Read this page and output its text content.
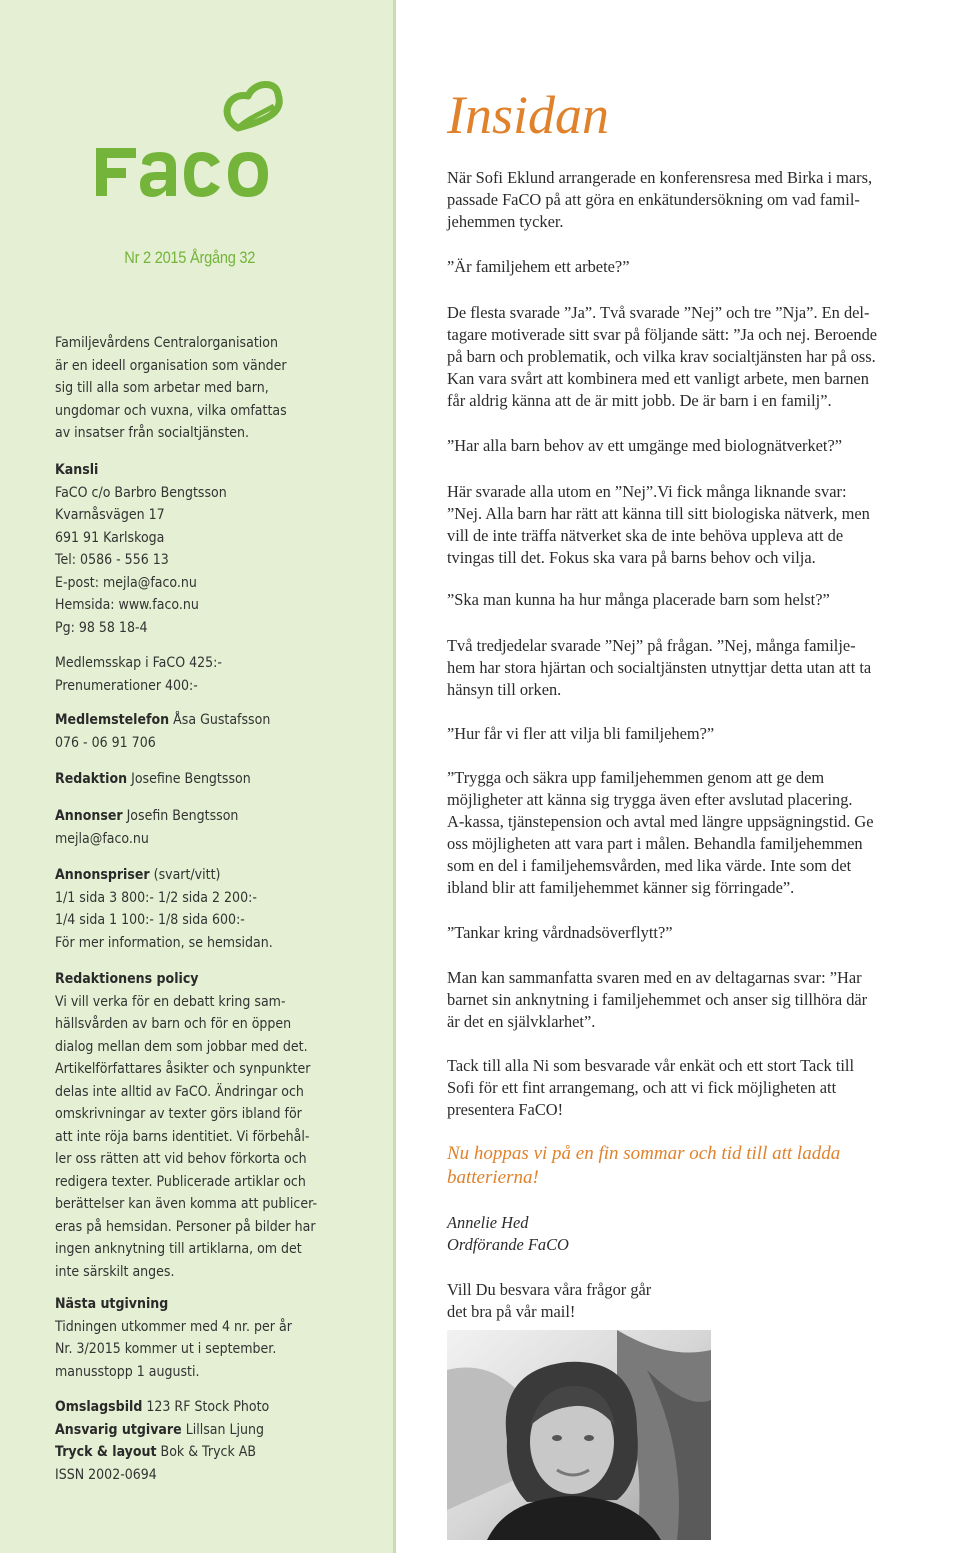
Nr 2 2015 Årgång 32
Familjevårdens Centralorganisation
är en ideell organisation som vänder
sig till alla som arbetar med barn,
ungdomar och vuxna, vilka omfattas
av insatser från socialtjänsten.
Kansli
FaCO c/o Barbro Bengtsson
Kvarnåsvägen 17
691 91 Karlskoga
Tel: 0586 - 556 13
E-post: mejla@faco.nu
Hemsida: www.faco.nu
Pg: 98 58 18-4
Medlemsskap i FaCO 425:-
Prenumerationer 400:-
Medlemstelefon Åsa Gustafsson
076 - 06 91 706
Redaktion Josefine Bengtsson
Annonser Josefin Bengtsson
mejla@faco.nu
Annonspriser (svart/vitt)
1/1 sida 3 800:- 1/2 sida 2 200:-
1/4 sida 1 100:- 1/8 sida 600:-
För mer information, se hemsidan.
Redaktionens policy
Vi vill verka för en debatt kring sam-
hällsvården av barn och för en öppen
dialog mellan dem som jobbar med det.
Artikelförfattares åsikter och synpunkter
delas inte alltid av FaCO. Ändringar och
omskrivningar av texter görs ibland för
att inte röja barns identitiet. Vi förbehål-
ler oss rätten att vid behov förkorta och
redigera texter. Publicerade artiklar och
berättelser kan även komma att publicer-
eras på hemsidan. Personer på bilder har
ingen anknytning till artiklarna, om det
inte särskilt anges.
Nästa utgivning
Tidningen utkommer med 4 nr. per år
Nr. 3/2015 kommer ut i september.
manusstopp 1 augusti.
Omslagsbild 123 RF Stock Photo
Ansvarig utgivare Lillsan Ljung
Tryck & layout Bok & Tryck AB
ISSN 2002-0694
Insidan
När Sofi Eklund arrangerade en konferensresa med Birka i mars,
passade FaCO på att göra en enkätundersökning om vad famil-
jehemmen tycker.
”Är familjehem ett arbete?”
De flesta svarade ”Ja”. Två svarade ”Nej” och tre ”Nja”. En del-
tagare motiverade sitt svar på följande sätt: ”Ja och nej. Beroende
på barn och problematik, och vilka krav socialtjänsten har på oss.
Kan vara svårt att kombinera med ett vanligt arbete, men barnen
får aldrig känna att de är mitt jobb. De är barn i en familj”.
”Har alla barn behov av ett umgänge med biolognätverket?”
Här svarade alla utom en ”Nej”.Vi fick många liknande svar:
”Nej. Alla barn har rätt att känna till sitt biologiska nätverk, men
vill de inte träffa nätverket ska de inte behöva uppleva att de
tvingas till det. Fokus ska vara på barns behov och vilja.
”Ska man kunna ha hur många placerade barn som helst?”
Två tredjedelar svarade ”Nej” på frågan. ”Nej, många familje-
hem har stora hjärtan och socialtjänsten utnyttjar detta utan att ta
hänsyn till orken.
”Hur får vi fler att vilja bli familjehem?”
”Trygga och säkra upp familjehemmen genom att ge dem
möjligheter att känna sig trygga även efter avslutad placering.
A-kassa, tjänstepension och avtal med längre uppsägningstid. Ge
oss möjligheten att vara part i målen. Behandla familjehemmen
som en del i familjehemsvården, med lika värde. Inte som det
ibland blir att familjehemmet känner sig förringade”.
”Tankar kring vårdnadsöverflytt?”
Man kan sammanfatta svaren med en av deltagarnas svar: ”Har
barnet sin anknytning i familjehemmet och anser sig tillhöra där
är det en självklarhet”.
Tack till alla Ni som besvarade vår enkät och ett stort Tack till
Sofi för ett fint arrangemang, och att vi fick möjligheten att
presentera FaCO!
Nu hoppas vi på en fin sommar och tid till att ladda
batterierna!
Annelie Hed
Ordförande FaCO
Vill Du besvara våra frågor går
det bra på vår mail!
